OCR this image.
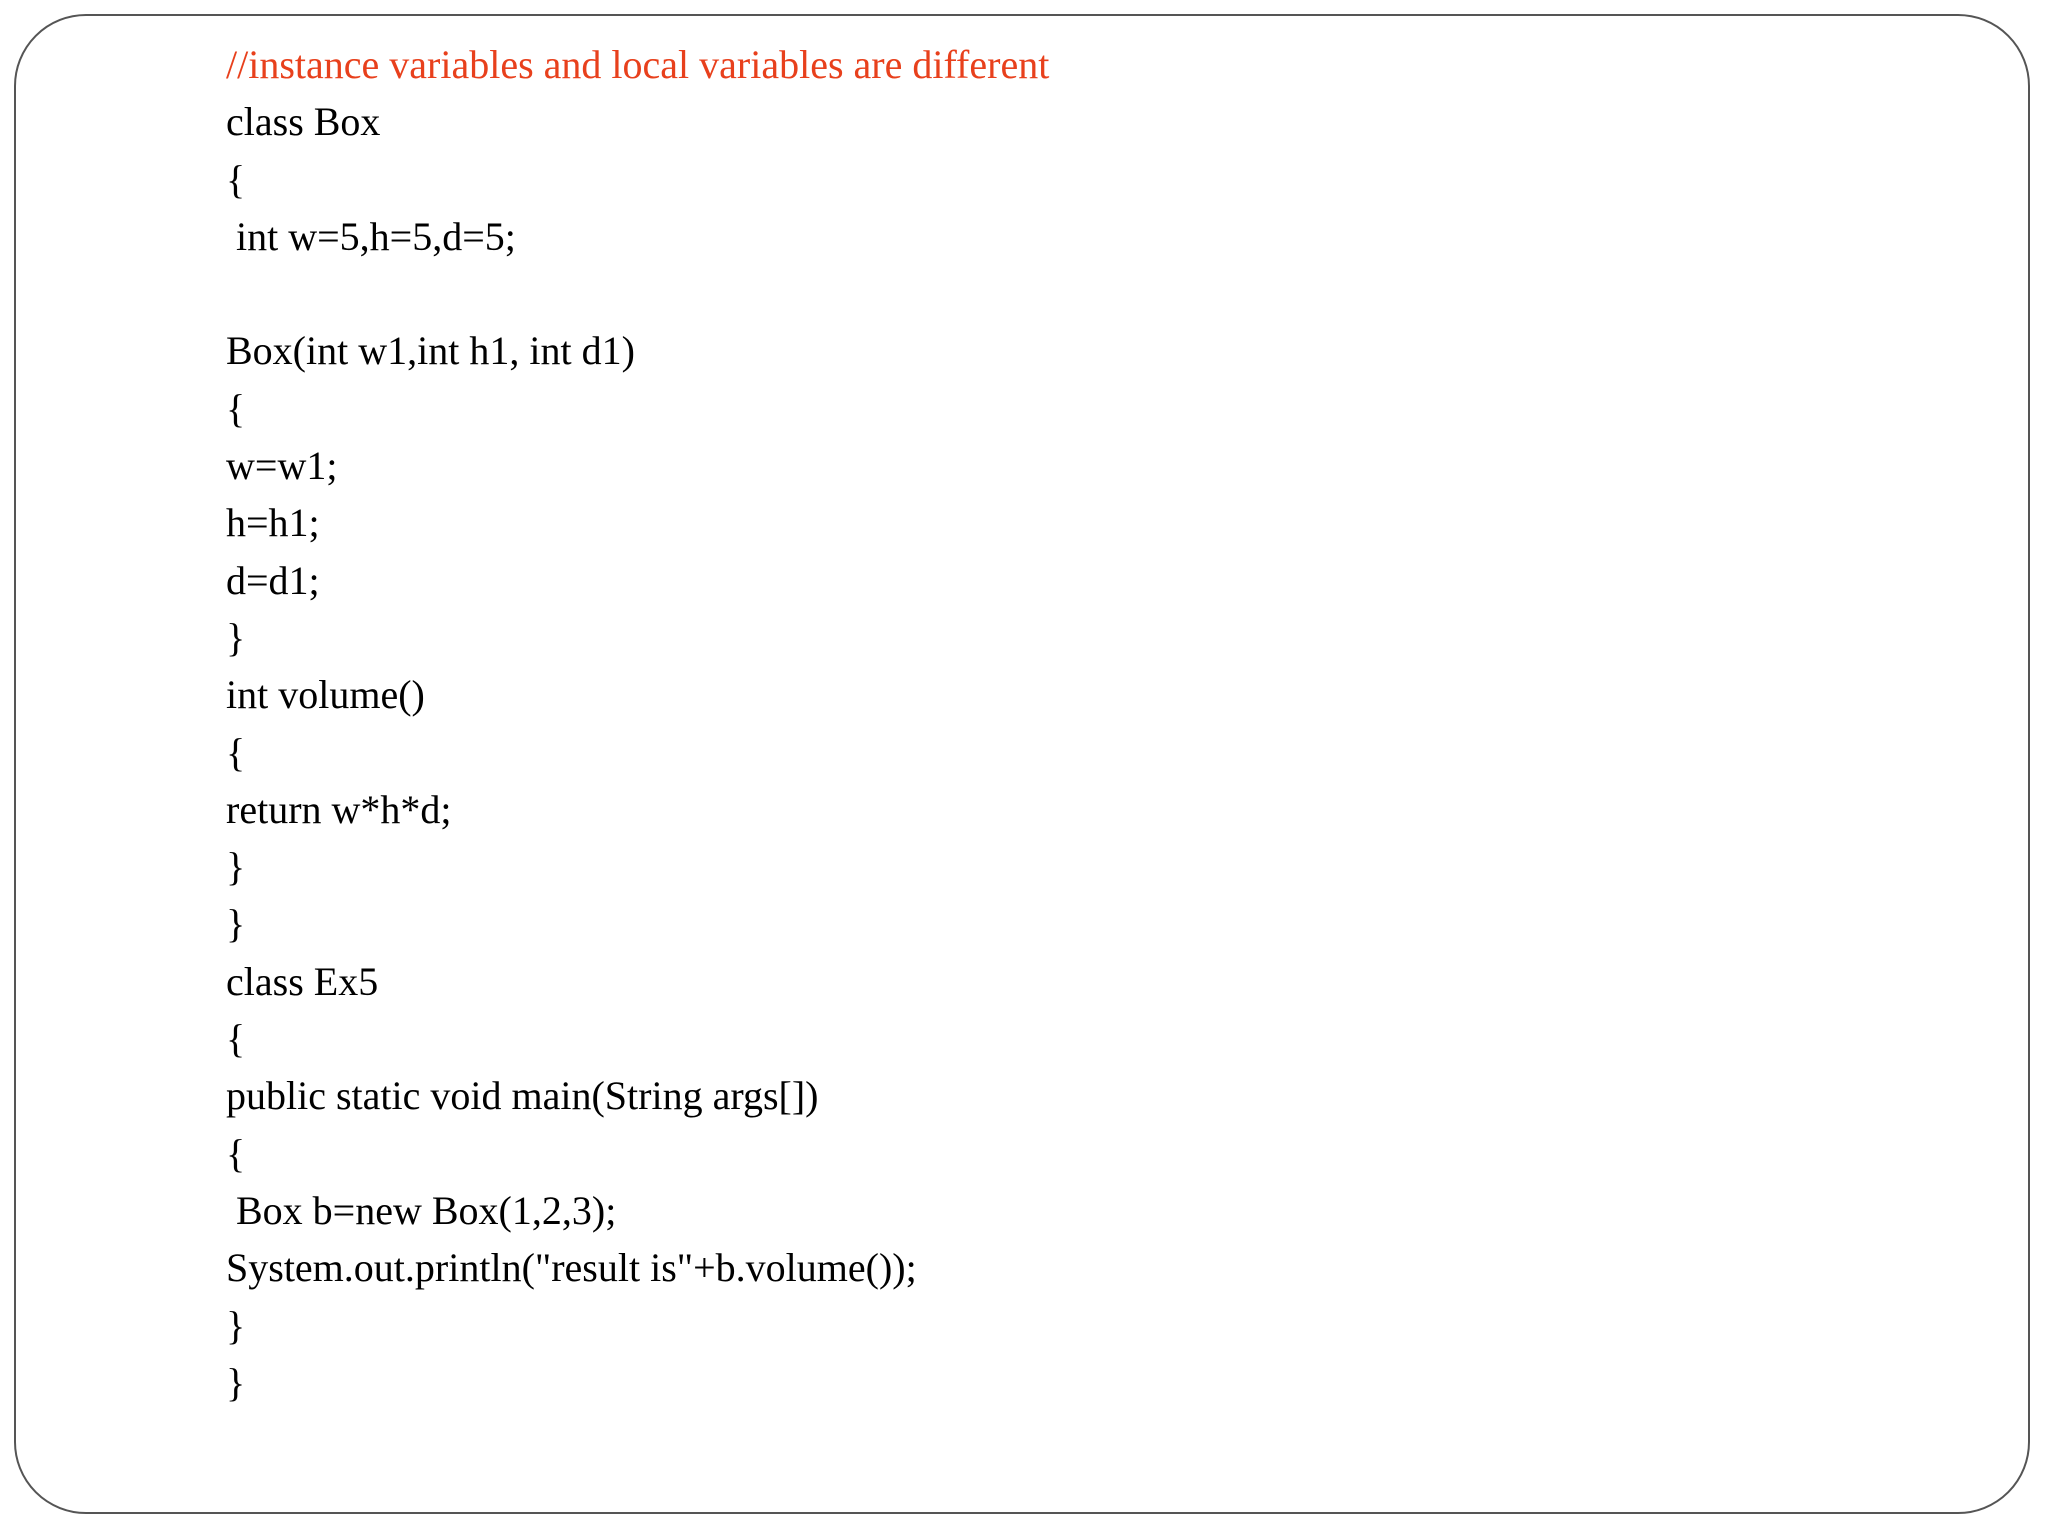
//instance variables and local variables are different
class Box
{
int w=5,h=5,d=5;
Box(int w1,int h1, int d1)
{
w=w1;
h=h1;
d=d1;
}
int volume()
{
return w*h*d;
}
}
class Ex5
{
public static void main(String args[])
{
Box b=new Box(1,2,3);
System.out.println("result is"+b.volume());
}
}
